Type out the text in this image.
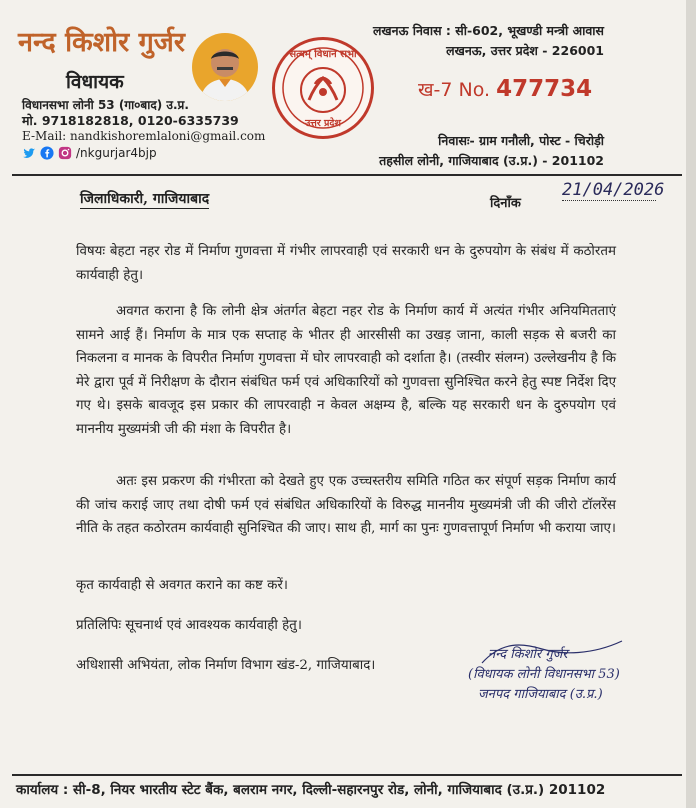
नन्द किशोर गुर्जर
विधायक
विधानसभा लोनी 53 (गा०बाद) उ.प्र.
मो. 9718182818, 0120-6335739
E-Mail: nandkishoremlaloni@gmail.com
/nkgurjar4bjp
सत्यम् विधान सभा
उत्तर प्रदेश
लखनऊ निवास : सी-602, भूखण्डी मन्त्री आवास
लखनऊ, उत्तर प्रदेश - 226001
ख-7 No. 477734
निवासः- ग्राम गनौली, पोस्ट - चिरोड़ी
तहसील लोनी, गाजियाबाद (उ.प्र.) - 201102
जिलाधिकारी, गाजियाबाद	दिनाँक
21/04/2026
विषयः बेहटा नहर रोड में निर्माण गुणवत्ता में गंभीर लापरवाही एवं सरकारी धन के दुरुपयोग के संबंध में कठोरतम कार्यवाही हेतु।
अवगत कराना है कि लोनी क्षेत्र अंतर्गत बेहटा नहर रोड के निर्माण कार्य में अत्यंत गंभीर अनियमितताएं सामने आई हैं। निर्माण के मात्र एक सप्ताह के भीतर ही आरसीसी का उखड़ जाना, काली सड़क से बजरी का निकलना व मानक के विपरीत निर्माण गुणवत्ता में घोर लापरवाही को दर्शाता है। (तस्वीर संलग्न) उल्लेखनीय है कि मेरे द्वारा पूर्व में निरीक्षण के दौरान संबंधित फर्म एवं अधिकारियों को गुणवत्ता सुनिश्चित करने हेतु स्पष्ट निर्देश दिए गए थे। इसके बावजूद इस प्रकार की लापरवाही न केवल अक्षम्य है, बल्कि यह सरकारी धन के दुरुपयोग एवं माननीय मुख्यमंत्री जी की मंशा के विपरीत है।
अतः इस प्रकरण की गंभीरता को देखते हुए एक उच्चस्तरीय समिति गठित कर संपूर्ण सड़क निर्माण कार्य की जांच कराई जाए तथा दोषी फर्म एवं संबंधित अधिकारियों के विरुद्ध माननीय मुख्यमंत्री जी की जीरो टॉलरेंस नीति के तहत कठोरतम कार्यवाही सुनिश्चित की जाए। साथ ही, मार्ग का पुनः गुणवत्तापूर्ण निर्माण भी कराया जाए।
कृत कार्यवाही से अवगत कराने का कष्ट करें।
प्रतिलिपिः सूचनार्थ एवं आवश्यक कार्यवाही हेतु।
अधिशासी अभियंता, लोक निर्माण विभाग खंड-2, गाजियाबाद।
नन्द किशोर गुर्जर
(विधायक लोनी विधानसभा 53)
जनपद गाजियाबाद (उ.प्र.)
कार्यालय : सी-8, नियर भारतीय स्टेट बैंक, बलराम नगर, दिल्ली-सहारनपुर रोड, लोनी, गाजियाबाद (उ.प्र.) 201102
